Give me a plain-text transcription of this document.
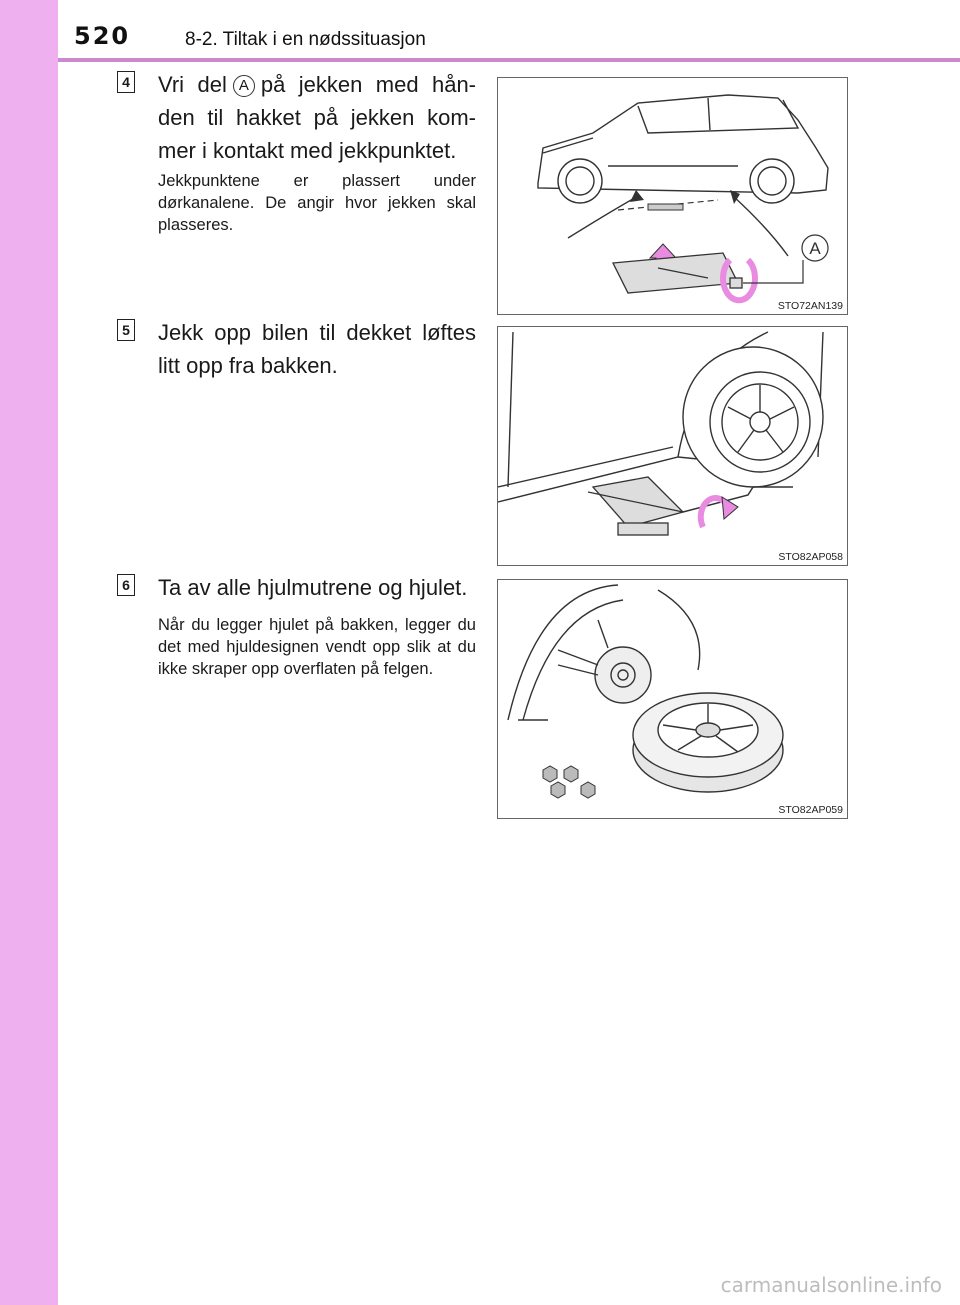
520	8-2. Tiltak i en nødssituasjon
4 Vri del A på jekken med hån-den til hakket på jekken kom-mer i kontakt med jekkpunktet.
Jekkpunktene er plassert under dørkanalene. De angir hvor jekken skal plasseres.
A
STO72AN139
5 Jekk opp bilen til dekket løftes litt opp fra bakken.
STO82AP058
6 Ta av alle hjulmutrene og hjulet.
Når du legger hjulet på bakken, legger du det med hjuldesignen vendt opp slik at du ikke skraper opp overflaten på felgen.
STO82AP059
carmanualsonline.info
